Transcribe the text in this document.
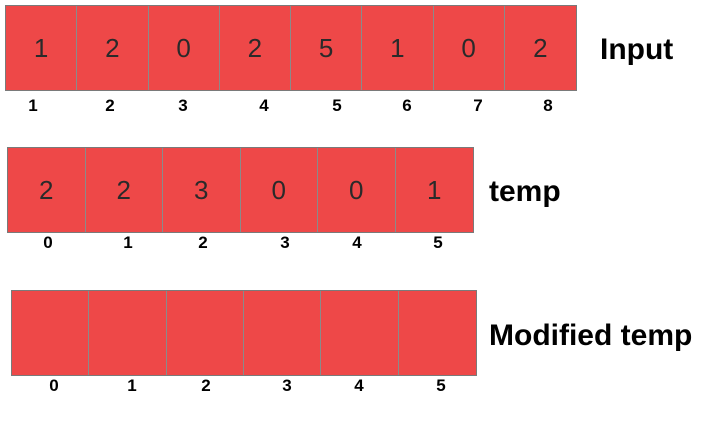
1	2	0	2	5	1	0	2	Input
1	2	3	4	5	6	7	8
2	2	3	0	0	1	temp
0	1	2	3	4	5
Modified temp
0	1	2	3	4	5
